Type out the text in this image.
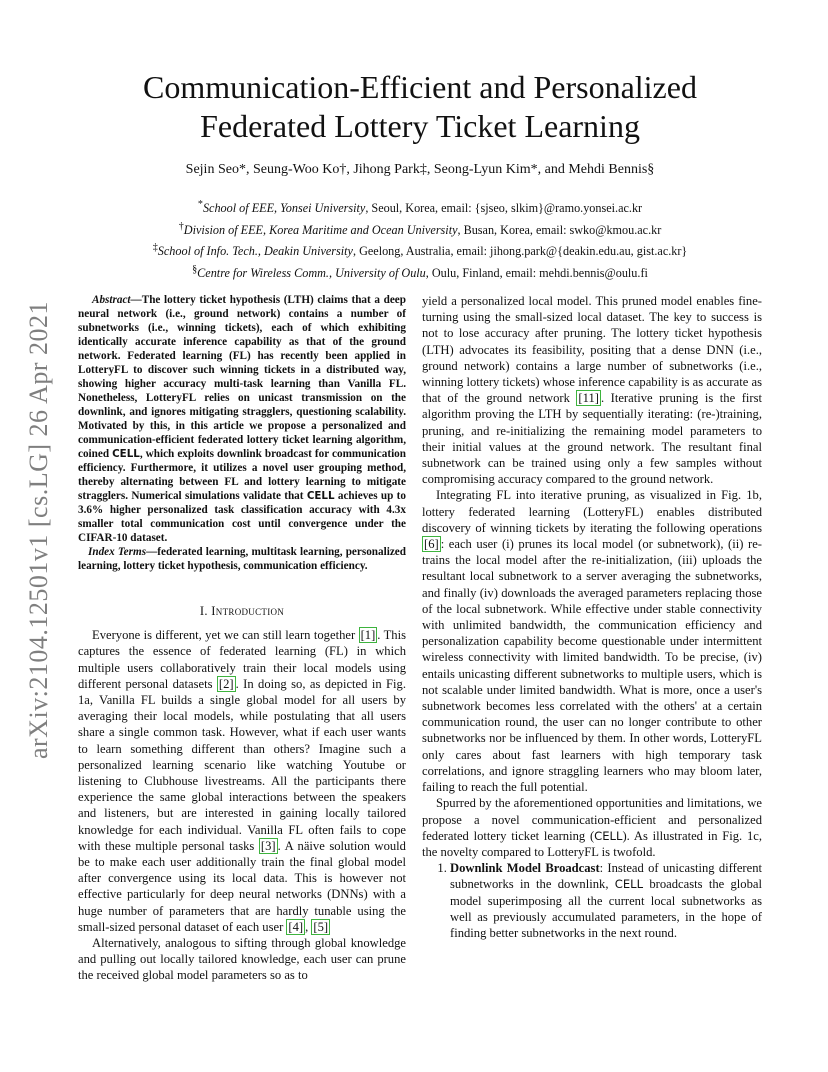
arXiv:2104.12501v1 [cs.LG] 26 Apr 2021
Communication-Efficient and Personalized
Federated Lottery Ticket Learning
Sejin Seo*, Seung-Woo Ko†, Jihong Park‡, Seong-Lyun Kim*, and Mehdi Bennis§
*School of EEE, Yonsei University, Seoul, Korea, email: {sjseo, slkim}@ramo.yonsei.ac.kr
†Division of EEE, Korea Maritime and Ocean University, Busan, Korea, email: swko@kmou.ac.kr
‡School of Info. Tech., Deakin University, Geelong, Australia, email: jihong.park@{deakin.edu.au, gist.ac.kr}
§Centre for Wireless Comm., University of Oulu, Oulu, Finland, email: mehdi.bennis@oulu.fi

Abstract—The lottery ticket hypothesis (LTH) claims that a deep neural network (i.e., ground network) contains a number of subnetworks (i.e., winning tickets), each of which exhibiting identically accurate inference capability as that of the ground network. Federated learning (FL) has recently been applied in LotteryFL to discover such winning tickets in a distributed way, showing higher accuracy multi-task learning than Vanilla FL. Nonetheless, LotteryFL relies on unicast transmission on the downlink, and ignores mitigating stragglers, questioning scalability. Motivated by this, in this article we propose a personalized and communication-efficient federated lottery ticket learning algorithm, coined CELL, which exploits downlink broadcast for communication efficiency. Furthermore, it utilizes a novel user grouping method, thereby alternating between FL and lottery learning to mitigate stragglers. Numerical simulations validate that CELL achieves up to 3.6% higher personalized task classification accuracy with 4.3x smaller total communication cost until convergence under the CIFAR-10 dataset.

Index Terms—federated learning, multitask learning, personalized learning, lottery ticket hypothesis, communication efficiency.

I. Introduction

Everyone is different, yet we can still learn together [1] . This captures the essence of federated learning (FL) in which multiple users collaboratively train their local models using different personal datasets [2] . In doing so, as depicted in Fig. 1a, Vanilla FL builds a single global model for all users by averaging their local models, while postulating that all users share a single common task. However, what if each user wants to learn something different than others? Imagine such a personalized learning scenario like watching Youtube or listening to Clubhouse livestreams. All the participants there experience the same global interactions between the speakers and listeners, but are interested in gaining locally tailored knowledge for each individual. Vanilla FL often fails to cope with these multiple personal tasks [3] . A näive solution would be to make each user additionally train the final global model after convergence using its local data. This is however not effective particularly for deep neural networks (DNNs) with a huge number of parameters that are hardly tunable using the small-sized personal dataset of each user [4] , [5]

Alternatively, analogous to sifting through global knowledge and pulling out locally tailored knowledge, each user can prune the received global model parameters so as to

yield a personalized local model. This pruned model enables fine-turning using the small-sized local dataset. The key to success is not to lose accuracy after pruning. The lottery ticket hypothesis (LTH) advocates its feasibility, positing that a dense DNN (i.e., ground network) contains a large number of subnetworks (i.e., winning lottery tickets) whose inference capability is as accurate as that of the ground network [11] . Iterative pruning is the first algorithm proving the LTH by sequentially iterating: (re-)training, pruning, and re-initializing the remaining model parameters to their initial values at the ground network. The resultant final subnetwork can be trained using only a few samples without compromising accuracy compared to the ground network.

Integrating FL into iterative pruning, as visualized in Fig. 1b, lottery federated learning (LotteryFL) enables distributed discovery of winning tickets by iterating the following operations [6] : each user (i) prunes its local model (or subnetwork), (ii) re-trains the local model after the re-initialization, (iii) uploads the resultant local subnetwork to a server averaging the subnetworks, and finally (iv) downloads the averaged parameters replacing those of the local subnetwork. While effective under stable connectivity with unlimited bandwidth, the communication efficiency and personalization capability become questionable under intermittent wireless connectivity with limited bandwidth. To be precise, (iv) entails unicasting different subnetworks to multiple users, which is not scalable under limited bandwidth. What is more, once a user's subnetwork becomes less correlated with the others' at a certain communication round, the user can no longer contribute to other subnetworks nor be influenced by them. In other words, LotteryFL only cares about fast learners with high temporary task correlations, and ignore straggling learners who may bloom later, failing to reach the full potential.

Spurred by the aforementioned opportunities and limitations, we propose a novel communication-efficient and personalized federated lottery ticket learning (CELL). As illustrated in Fig. 1c, the novelty compared to LotteryFL is twofold.

1. Downlink Model Broadcast: Instead of unicasting different subnetworks in the downlink, CELL broadcasts the global model superimposing all the current local subnetworks as well as previously accumulated parameters, in the hope of finding better subnetworks in the next round.
